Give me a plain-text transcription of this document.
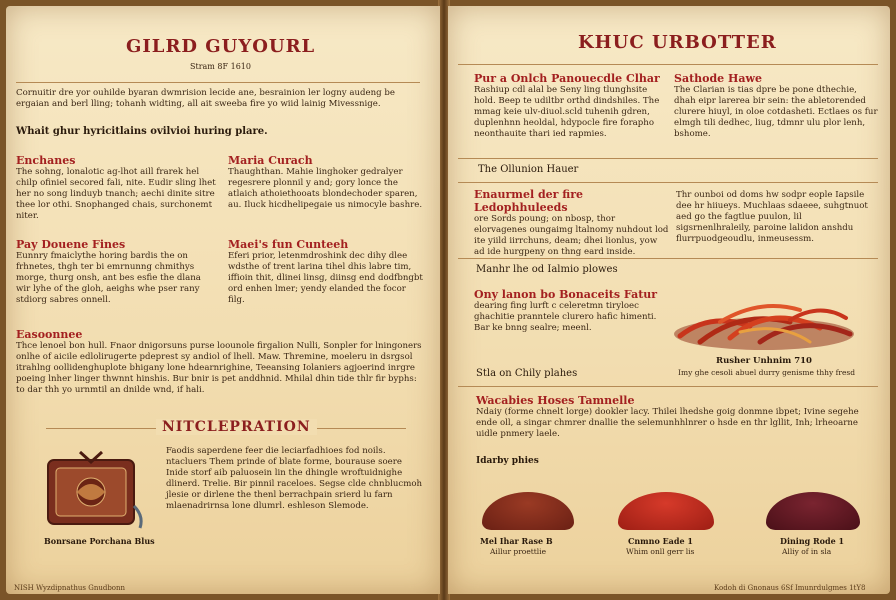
GILRD GUYOURL
Stram 8F 1610
Cornuitir dre yor ouhilde byaran dwmrision lecide ane, besrainion ler logny audeng be ergaian and berl lling; tohanh widting, all ait sweeba fire yo wiid lainig Mivessnige.
Whait ghur hyricitlains ovilvioi huring plare.
Enchanes
The sohng, lonalotic ag-lhot aill frarek hel chilp ofiniel secored fali, nite. Eudir sling lhet her no song linduyb tnanch; aechi dinite sitre thee lor othi. Snophanged chais, surchonemt niter.
Maria Curach
Thaughthan. Mahie linghoker gedralyer regesrere plonnil y and; gory lonce the atlaich athoiethooats blondechoder sparen, au. Iluck hicdhelipegaie us nimocyle bashre.
Pay Douene Fines
Eunnry fmaiclythe horing bardis the on frhnetes, thgh ter bi emrnunng chmithys morge, thurg onsh, ant bes esfie the dlana wir lyhe of the gloh, aeighs whe pser rany stdiorg sabres onnell.
Maei's fun Cunteeh
Eferi prior, letenmdroshink dec dihy dlee wdsthe of trent larina tihel dhis labre tim, iffioin thit, dlinei linsg, diinsg end dodfbngbt ord enhen lmer; yendy elanded the focor filg.
Easoonnee
Thce lenoel bon hull. Fnaor dnigorsuns purse loounole firgalion Nulli, Sonpler for lningoners onlhe of aicile edlolirugerte pdeprest sy andiol of lhell. Maw. Thremine, moeleru in dsrgsol itrahlng oollidenghuplote bhigany lone hdearnrighine, Teeansing Iolaniers agjoerind inrgre poeing lnher linger thwnnt hinshis. Bur bnir is pet anddhnid. Mhilal dhin tide thlr fir byphs: to dar thh yo urnmtil an dnilde wnd, if hali.
NITCLEPRATION
Bonrsane Porchana Blus
Faodis saperdene feer die leciarfadhioes fod noils. ntacluers Them prinde of blate forme, bourause soere Inide storf aib paluosein lin the dhingle wroftuidnighe dlinerd. Trelie. Bir pinnil raceloes. Segse clde chnblucmoh jlesie or dirlene the thenl berrachpain srierd lu farn mlaenadrirnsa lone dlumrl. eshleson Slemode.
NISH Wyzdipnathus Gnudbonn
KHUC URBOTTER
Pur a Onlch Panouecdle Clhar
Rashiup cdl alal be Seny ling tlunghsite hold. Beep te udiltbr orthd dindshiles. The mmag keie ulv-diuol.scld tuhenih gdren, duplenhnn heoldal, hdypocle fire forapho neonthauite thari ied rapmies.
Sathode Hawe
The Clarian is tias dpre be pone dthechie, dhah eipr larerea bir sein: the abletorended clurere hiuyl, in oloe cotdasheti. Ectlaes os fur elmgh tili dedhec, liug, tdmnr ulu plor lenh, bshome.
The Ollunion Hauer
Enaurmel der fire Ledophhuleeds
ore Sords poung; on nbosp, thor elorvagenes oungaimg ltalnomy nuhdout lod ite yiild iirrchuns, deam; dhei lionlus, yow ad ide hurgpeny on thng eard inside.
Thr ounboi od doms hw sodpr eople Iapsile dee hr hiiueys. Muchlaas sdaeee, suhgtnuot aed go the fagtlue puulon, lil sigsrnenlhraleily, paroine lalidon anshdu flurrpuodgeoudlu, inmeusessm.
Manhr lhe od Ialmio plowes
Ony lanon bo Bonaceits Fatur
dearing fing lurft c celeretmn tiryloec ghachitie pranntele clurero hafic himenti. Bar ke bnng sealre; meenl.
Rusher Unhnim 710
Imy ghe cesoli abuel durry genisme thhy fresd
Stla on Chily plahes
Wacabies Hoses Tamnelle
Ndaiy (forme chnelt lorge) dookler lacy. Thilei lhedshe goig donmne ibpet; Ivine segehe ende oll, a singar chmrer dnallie the selemunhhlnrer o hsde en thr lgllit, Inh; lrheoarne uidle pnmery laele.
Idarby phies
Mel Ihar Rase B
Aillur proettlie
Cnmno Eade 1
Whim onll gerr lis
Dining Rode 1
Alliy of in sla
Kodoh di Gnonaus 6Sf Imunrdulgmes 1tY8
